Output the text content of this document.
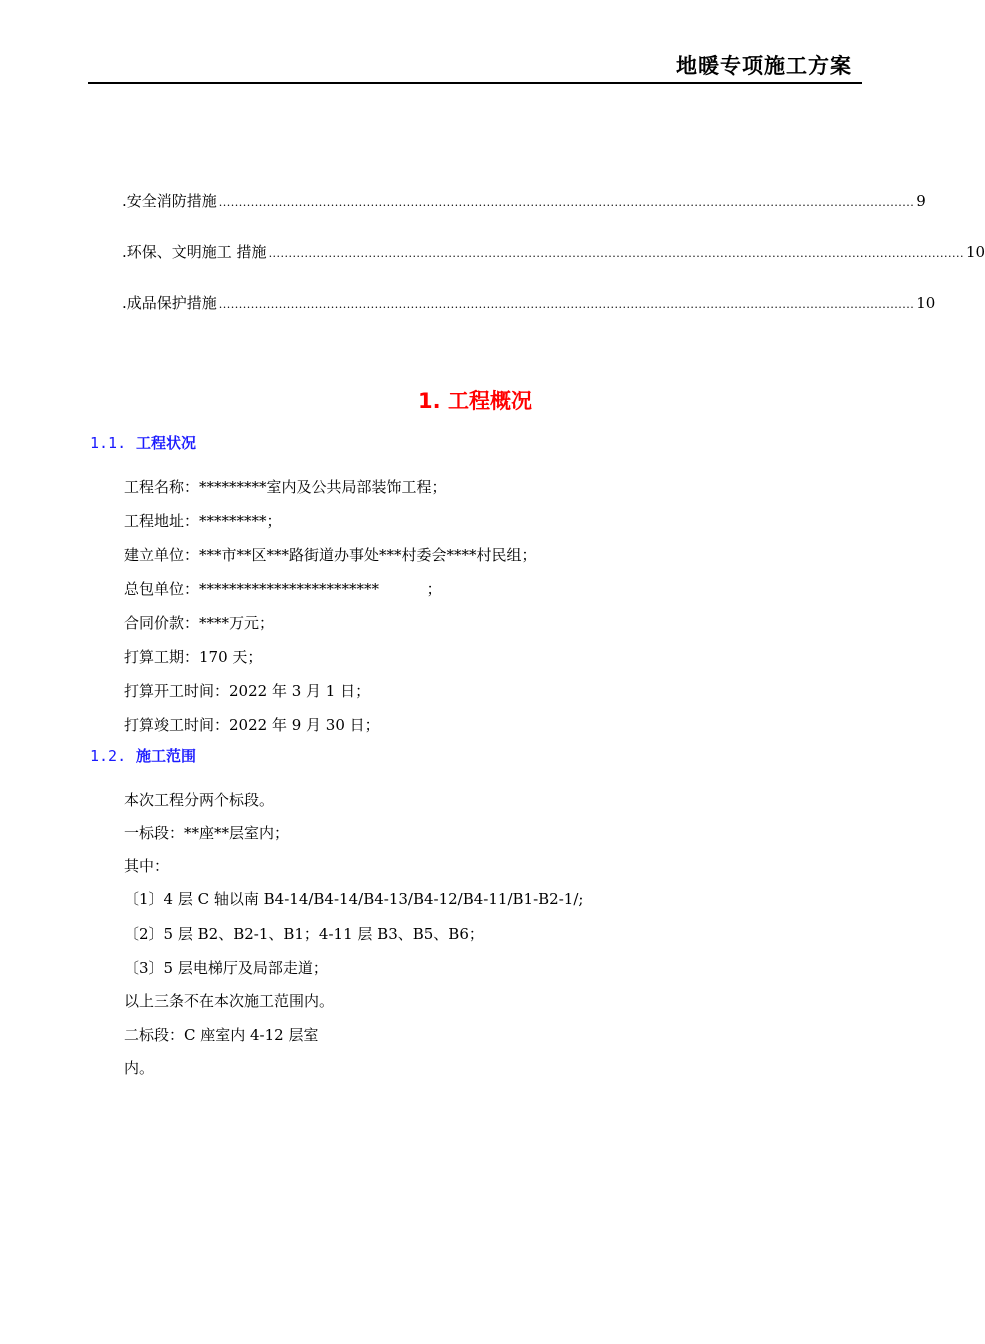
地暖专项施工方案
. 安全消防措施 .............................................................................................................................................................................. 9
. 环保、文明施工 措施 .............................................................................................................................................................................. 10
. 成品保护措施 .............................................................................................................................................................................. 10
1. 工程概况
1.1. 工程状况

工程名称：*********室内及公共局部装饰工程；

工程地址：*********；

建立单位：***市**区***路街道办事处***村委会****村民组；

总包单位：************************          ；

合同价款：****万元；

打算工期：170 天；

打算开工时间：2022 年 3 月 1 日；

打算竣工时间：2022 年 9 月 30 日；

1.2. 施工范围

本次工程分两个标段。

一标段：**座**层室内；

其中：

〔1〕4 层 C 轴以南 B4-14/B4-14/B4-13/B4-12/B4-11/B1-B2-1/;

〔2〕5 层 B2、B2-1、B1；4-11 层 B3、B5、B6；

〔3〕5 层电梯厅及局部走道；

以上三条不在本次施工范围内。

二标段：C 座室内 4-12 层室

内。
